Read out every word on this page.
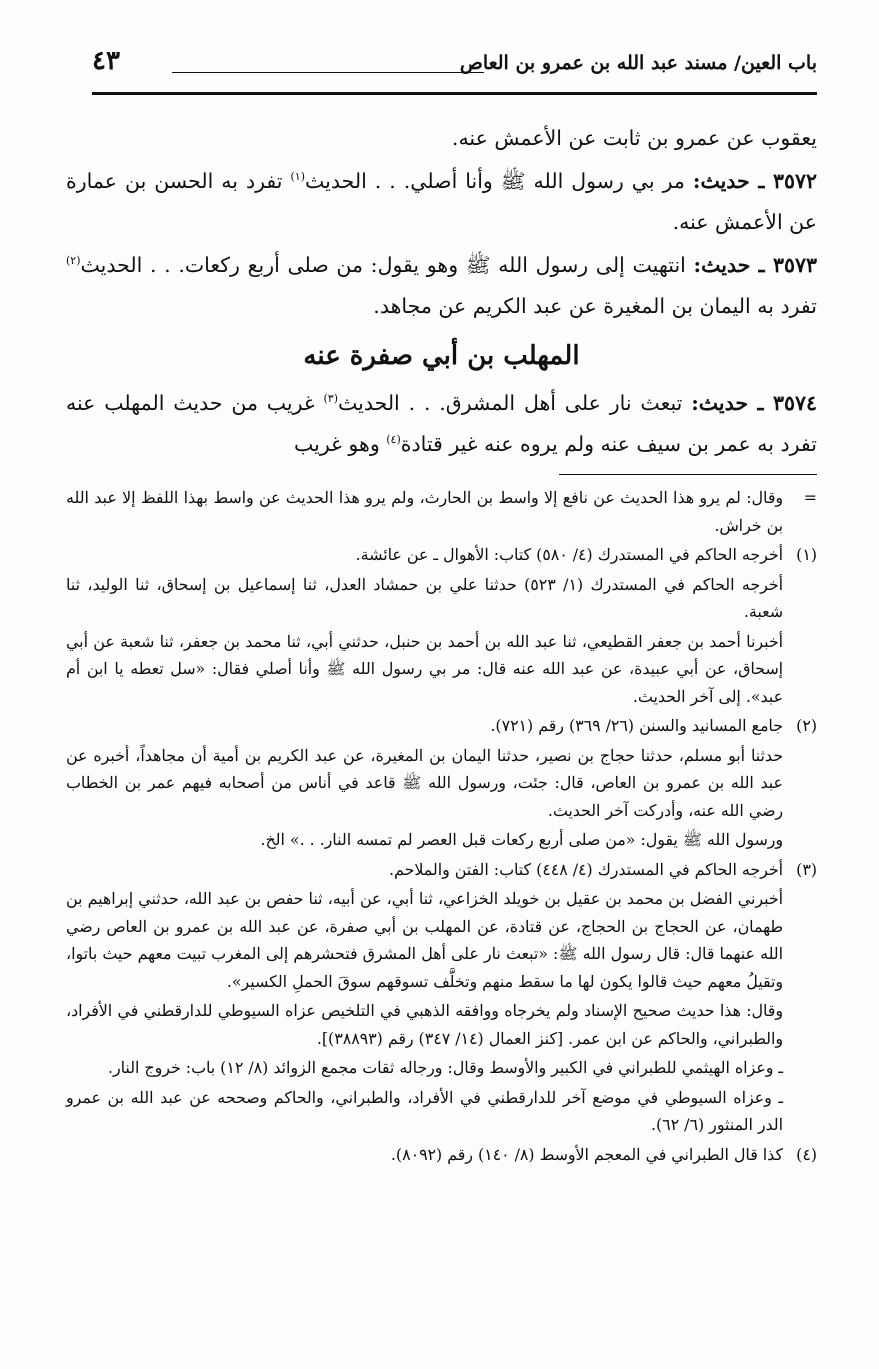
باب العين/ مسند عبد الله بن عمرو بن العاص
٤٣

يعقوب عن عمرو بن ثابت عن الأعمش عنه.

٣٥٧٢ ـ حديث: مر بي رسول الله ﷺ وأنا أصلي. . . الحديث$^{(١)}$ تفرد به الحسن بن عمارة عن الأعمش عنه.

٣٥٧٣ ـ حديث: انتهيت إلى رسول الله ﷺ وهو يقول: من صلى أربع ركعات. . . الحديث$^{(٢)}$ تفرد به اليمان بن المغيرة عن عبد الكريم عن مجاهد.

المهلب بن أبي صفرة عنه

٣٥٧٤ ـ حديث: تبعث نار على أهل المشرق. . . الحديث$^{(٣)}$ غريب من حديث المهلب عنه تفرد به عمر بن سيف عنه ولم يروه عنه غير قتادة$^{(٤)}$ وهو غريب

=

وقال: لم يرو هذا الحديث عن نافع إلا واسط بن الحارث، ولم يرو هذا الحديث عن واسط بهذا اللفظ إلا عبد الله بن خراش.

(١)

أخرجه الحاكم في المستدرك (٤/ ٥٨٠) كتاب: الأهوال ـ عن عائشة.

أخرجه الحاكم في المستدرك (١/ ٥٢٣) حدثنا علي بن حمشاد العدل، ثنا إسماعيل بن إسحاق، ثنا الوليد، ثنا شعبة.

أخبرنا أحمد بن جعفر القطيعي، ثنا عبد الله بن أحمد بن حنبل، حدثني أبي، ثنا محمد بن جعفر، ثنا شعبة عن أبي إسحاق، عن أبي عبيدة، عن عبد الله عنه قال: مر بي رسول الله ﷺ وأنا أصلي فقال: «سل تعطه يا ابن أم عبد». إلى آخر الحديث.

(٢)

جامع المسانيد والسنن (٢٦/ ٣٦٩) رقم (٧٢١).

حدثنا أبو مسلم، حدثنا حجاج بن نصير، حدثنا اليمان بن المغيرة، عن عبد الكريم بن أمية أن مجاهداً، أخبره عن عبد الله بن عمرو بن العاص، قال: جئت، ورسول الله ﷺ قاعد في أناس من أصحابه فيهم عمر بن الخطاب رضي الله عنه، وأدركت آخر الحديث.

ورسول الله ﷺ يقول: «من صلى أربع ركعات قبل العصر لم تمسه النار. . .» الخ.

(٣)

أخرجه الحاكم في المستدرك (٤/ ٤٤٨) كتاب: الفتن والملاحم.

أخبرني الفضل بن محمد بن عقيل بن خويلد الخزاعي، ثنا أبي، عن أبيه، ثنا حفص بن عبد الله، حدثني إبراهيم بن طهمان، عن الحجاج بن الحجاج، عن قتادة، عن المهلب بن أبي صفرة، عن عبد الله بن عمرو بن العاص رضي الله عنهما قال: قال رسول الله ﷺ: «تبعث نار على أهل المشرق فتحشرهم إلى المغرب تبيت معهم حيث باتوا، وتقيلُ معهم حيث قالوا يكون لها ما سقط منهم وتخلَّف تسوقهم سوقَ الحملِ الكسير».

وقال: هذا حديث صحيح الإسناد ولم يخرجاه ووافقه الذهبي في التلخيص عزاه السيوطي للدارقطني في الأفراد، والطبراني، والحاكم عن ابن عمر. [كنز العمال (١٤/ ٣٤٧) رقم (٣٨٨٩٣)].

ـ وعزاه الهيثمي للطبراني في الكبير والأوسط وقال: ورجاله ثقات مجمع الزوائد (٨/ ١٢) باب: خروج النار.

ـ وعزاه السيوطي في موضع آخر للدارقطني في الأفراد، والطبراني، والحاكم وصححه عن عبد الله بن عمرو الدر المنثور (٦/ ٦٢).

(٤)

كذا قال الطبراني في المعجم الأوسط (٨/ ١٤٠) رقم (٨٠٩٢).
